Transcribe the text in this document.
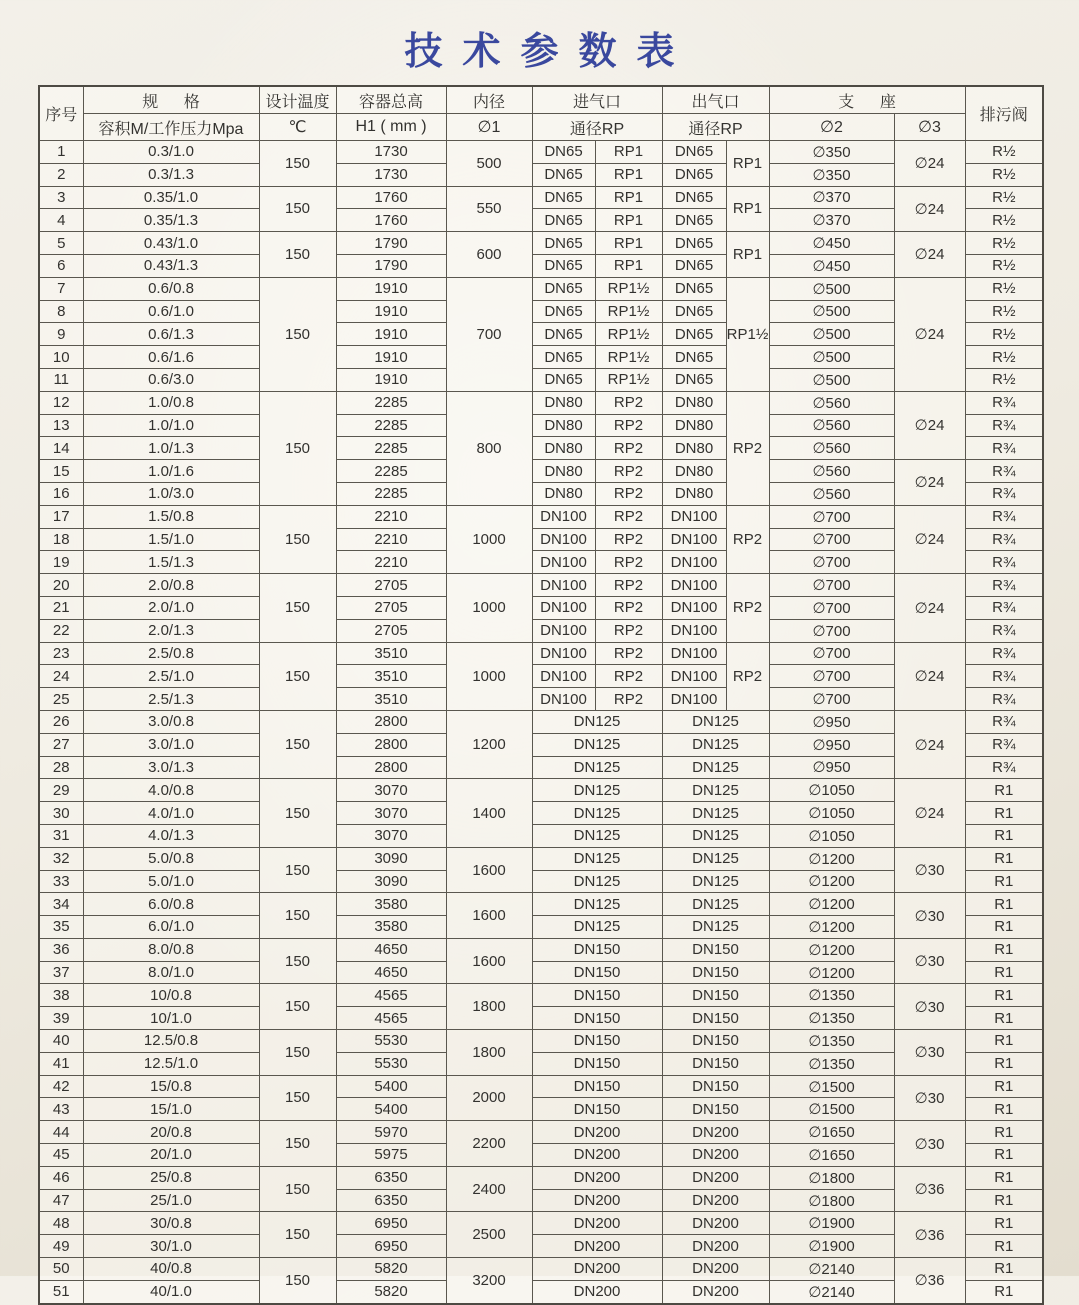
技术参数表
序号	规格	设计温度	容器总高	内径	进气口		出气口		支座		排污阀
	容积M/工作压力Mpa	℃	H1 ( mm )	∅1	通径RP		通径RP		∅2	∅3	
1	0.3/1.0	150	1730	500	DN65	RP1	DN65	RP1	∅350	∅24	R½
2	0.3/1.3		1730		DN65	RP1	DN65		∅350		R½
3	0.35/1.0	150	1760	550	DN65	RP1	DN65	RP1	∅370	∅24	R½
4	0.35/1.3		1760		DN65	RP1	DN65		∅370		R½
5	0.43/1.0	150	1790	600	DN65	RP1	DN65	RP1	∅450	∅24	R½
6	0.43/1.3		1790		DN65	RP1	DN65		∅450		R½
7	0.6/0.8	150	1910	700	DN65	RP1½	DN65	RP1½	∅500	∅24	R½
8	0.6/1.0		1910		DN65	RP1½	DN65		∅500		R½
9	0.6/1.3		1910		DN65	RP1½	DN65		∅500		R½
10	0.6/1.6		1910		DN65	RP1½	DN65		∅500		R½
11	0.6/3.0		1910		DN65	RP1½	DN65		∅500		R½
12	1.0/0.8	150	2285	800	DN80	RP2	DN80	RP2	∅560	∅24	R¾
13	1.0/1.0		2285		DN80	RP2	DN80		∅560		R¾
14	1.0/1.3		2285		DN80	RP2	DN80		∅560		R¾
15	1.0/1.6		2285		DN80	RP2	DN80		∅560	∅24	R¾
16	1.0/3.0		2285		DN80	RP2	DN80		∅560		R¾
17	1.5/0.8	150	2210	1000	DN100	RP2	DN100	RP2	∅700	∅24	R¾
18	1.5/1.0		2210		DN100	RP2	DN100		∅700		R¾
19	1.5/1.3		2210		DN100	RP2	DN100		∅700		R¾
20	2.0/0.8	150	2705	1000	DN100	RP2	DN100	RP2	∅700	∅24	R¾
21	2.0/1.0		2705		DN100	RP2	DN100		∅700		R¾
22	2.0/1.3		2705		DN100	RP2	DN100		∅700		R¾
23	2.5/0.8	150	3510	1000	DN100	RP2	DN100	RP2	∅700	∅24	R¾
24	2.5/1.0		3510		DN100	RP2	DN100		∅700		R¾
25	2.5/1.3		3510		DN100	RP2	DN100		∅700		R¾
26	3.0/0.8	150	2800	1200	DN125		DN125		∅950	∅24	R¾
27	3.0/1.0		2800		DN125		DN125		∅950		R¾
28	3.0/1.3		2800		DN125		DN125		∅950		R¾
29	4.0/0.8	150	3070	1400	DN125		DN125		∅1050	∅24	R1
30	4.0/1.0		3070		DN125		DN125		∅1050		R1
31	4.0/1.3		3070		DN125		DN125		∅1050		R1
32	5.0/0.8	150	3090	1600	DN125		DN125		∅1200	∅30	R1
33	5.0/1.0		3090		DN125		DN125		∅1200		R1
34	6.0/0.8	150	3580	1600	DN125		DN125		∅1200	∅30	R1
35	6.0/1.0		3580		DN125		DN125		∅1200		R1
36	8.0/0.8	150	4650	1600	DN150		DN150		∅1200	∅30	R1
37	8.0/1.0		4650		DN150		DN150		∅1200		R1
38	10/0.8	150	4565	1800	DN150		DN150		∅1350	∅30	R1
39	10/1.0		4565		DN150		DN150		∅1350		R1
40	12.5/0.8	150	5530	1800	DN150		DN150		∅1350	∅30	R1
41	12.5/1.0		5530		DN150		DN150		∅1350		R1
42	15/0.8	150	5400	2000	DN150		DN150		∅1500	∅30	R1
43	15/1.0		5400		DN150		DN150		∅1500		R1
44	20/0.8	150	5970	2200	DN200		DN200		∅1650	∅30	R1
45	20/1.0		5975		DN200		DN200		∅1650		R1
46	25/0.8	150	6350	2400	DN200		DN200		∅1800	∅36	R1
47	25/1.0		6350		DN200		DN200		∅1800		R1
48	30/0.8	150	6950	2500	DN200		DN200		∅1900	∅36	R1
49	30/1.0		6950		DN200		DN200		∅1900		R1
50	40/0.8	150	5820	3200	DN200		DN200		∅2140	∅36	R1
51	40/1.0		5820		DN200		DN200		∅2140		R1
